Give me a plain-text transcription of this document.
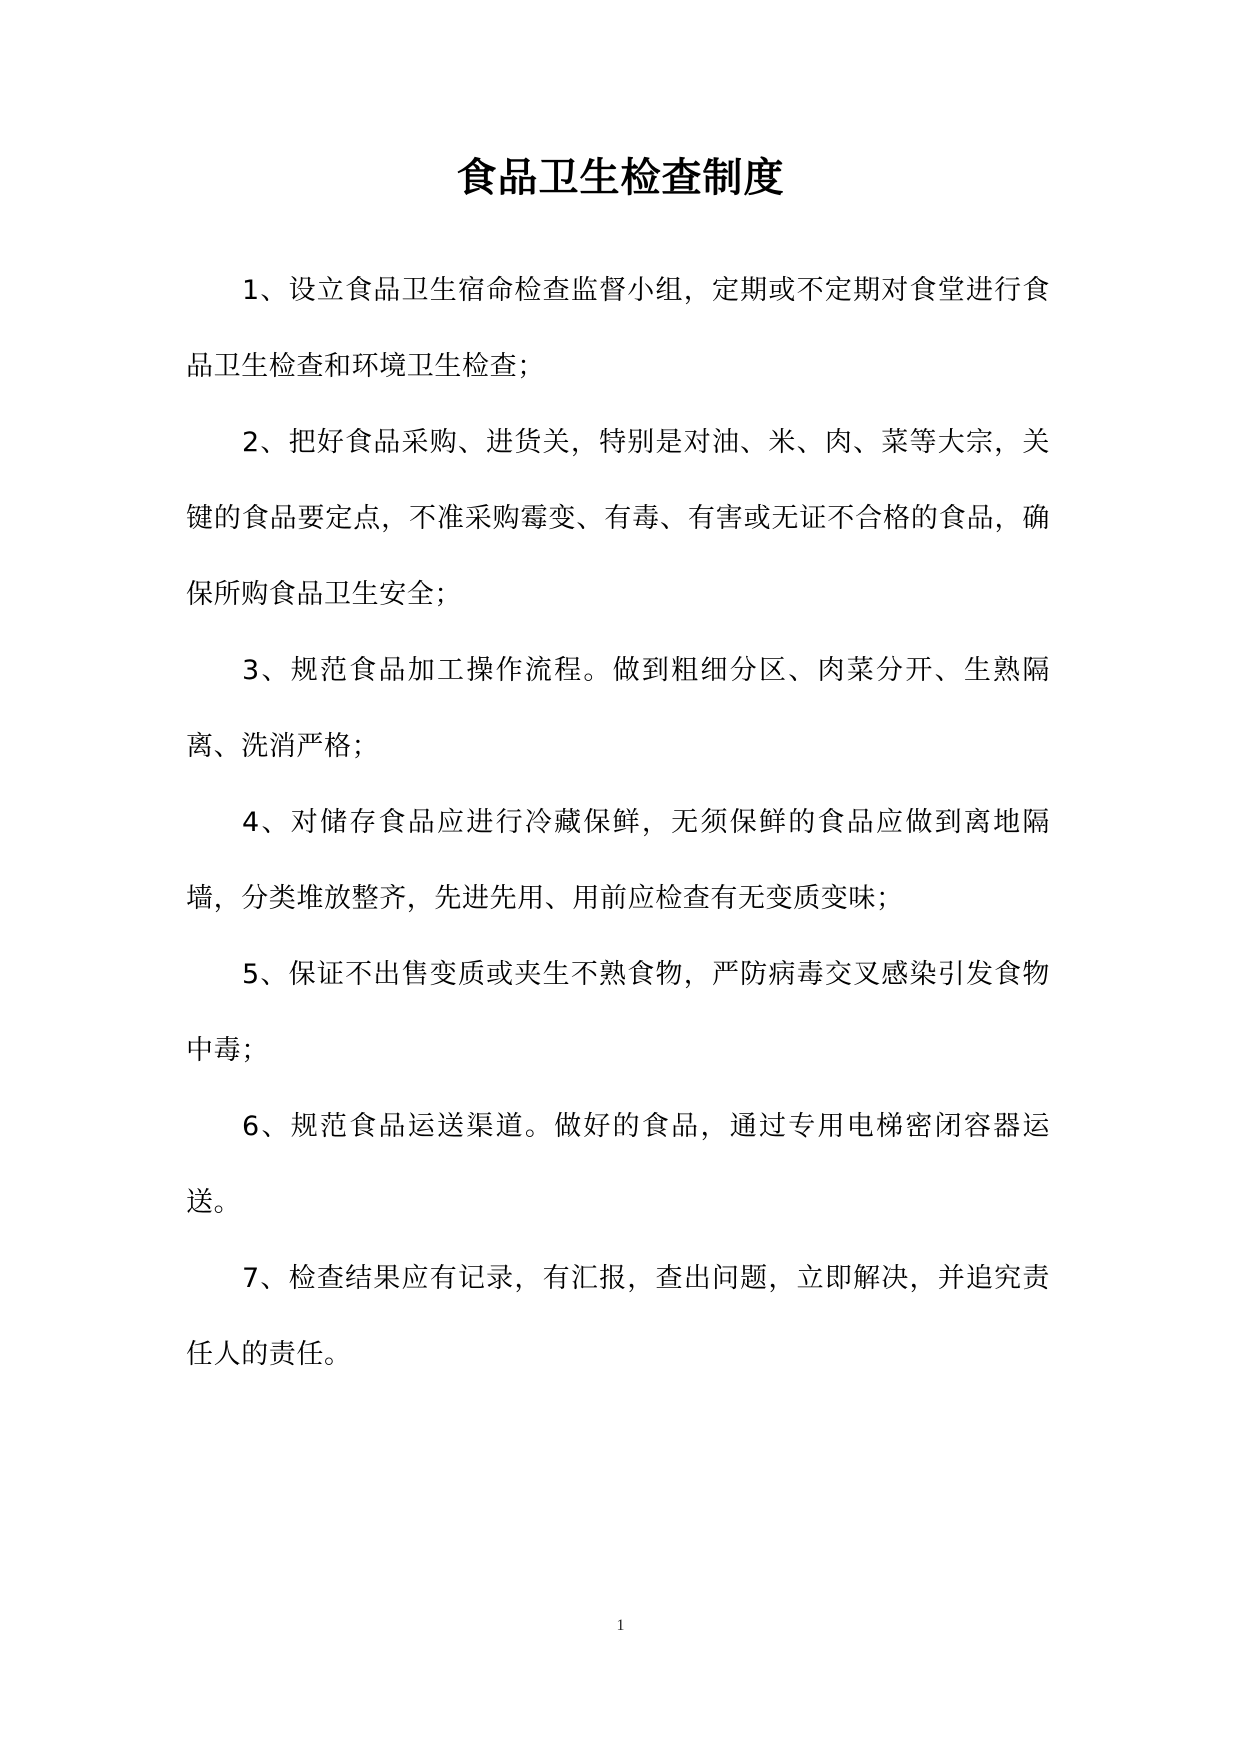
食品卫生检查制度

1、设立食品卫生宿命检查监督小组，定期或不定期对食堂进行食品卫生检查和环境卫生检查；

2、把好食品采购、进货关，特别是对油、米、肉、菜等大宗，关键的食品要定点，不准采购霉变、有毒、有害或无证不合格的食品，确保所购食品卫生安全；

3、规范食品加工操作流程。做到粗细分区、肉菜分开、生熟隔离、洗消严格；

4、对储存食品应进行冷藏保鲜，无须保鲜的食品应做到离地隔墙，分类堆放整齐，先进先用、用前应检查有无变质变味；

5、保证不出售变质或夹生不熟食物，严防病毒交叉感染引发食物中毒；

6、规范食品运送渠道。做好的食品，通过专用电梯密闭容器运送。

7、检查结果应有记录，有汇报，查出问题，立即解决，并追究责任人的责任。

1
